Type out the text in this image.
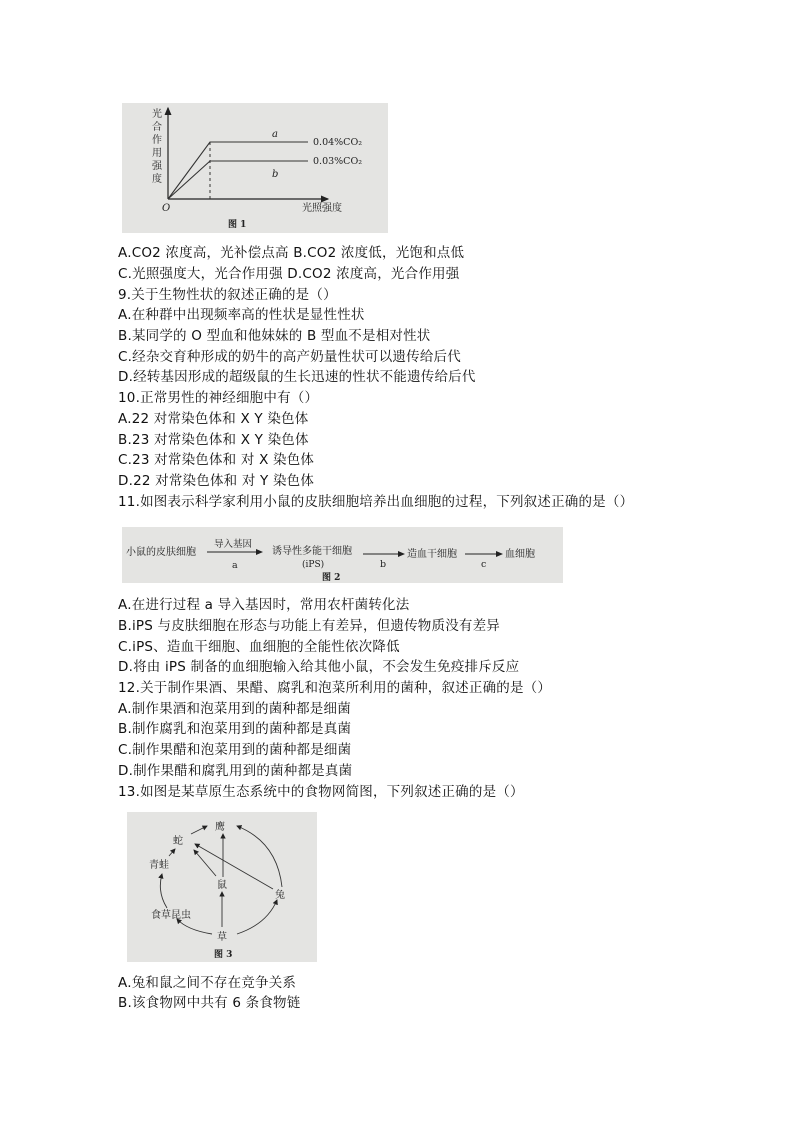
光
合
作
用
强
度
O	光照强度
a
b
0.04%CO₂
0.03%CO₂
图 1
A.CO2 浓度高，光补偿点高 B.CO2 浓度低，光饱和点低
C.光照强度大，光合作用强 D.CO2 浓度高，光合作用强
9.关于生物性状的叙述正确的是（）
A.在种群中出现频率高的性状是显性性状
B.某同学的 O 型血和他妹妹的 B 型血不是相对性状
C.经杂交育种形成的奶牛的高产奶量性状可以遗传给后代
D.经转基因形成的超级鼠的生长迅速的性状不能遗传给后代
10.正常男性的神经细胞中有（）
A.22 对常染色体和 X Y 染色体
B.23 对常染色体和 X Y 染色体
C.23 对常染色体和 对 X 染色体
D.22 对常染色体和 对 Y 染色体
11.如图表示科学家利用小鼠的皮肤细胞培养出血细胞的过程，下列叙述正确的是（）
小鼠的皮肤细胞
导入基因
a
诱导性多能干细胞
(iPS)	b
造血干细胞
c
血细胞
图 2
A.在进行过程 a 导入基因时，常用农杆菌转化法
B.iPS 与皮肤细胞在形态与功能上有差异，但遗传物质没有差异
C.iPS、造血干细胞、血细胞的全能性依次降低
D.将由 iPS 制备的血细胞输入给其他小鼠，不会发生免疫排斥反应
12.关于制作果酒、果醋、腐乳和泡菜所利用的菌种，叙述正确的是（）
A.制作果酒和泡菜用到的菌种都是细菌
B.制作腐乳和泡菜用到的菌种都是真菌
C.制作果醋和泡菜用到的菌种都是细菌
D.制作果醋和腐乳用到的菌种都是真菌
13.如图是某草原生态系统中的食物网简图，下列叙述正确的是（）
鹰
蛇
青蛙
鼠
兔
食草昆虫
草
图 3
A.兔和鼠之间不存在竞争关系
B.该食物网中共有 6 条食物链
